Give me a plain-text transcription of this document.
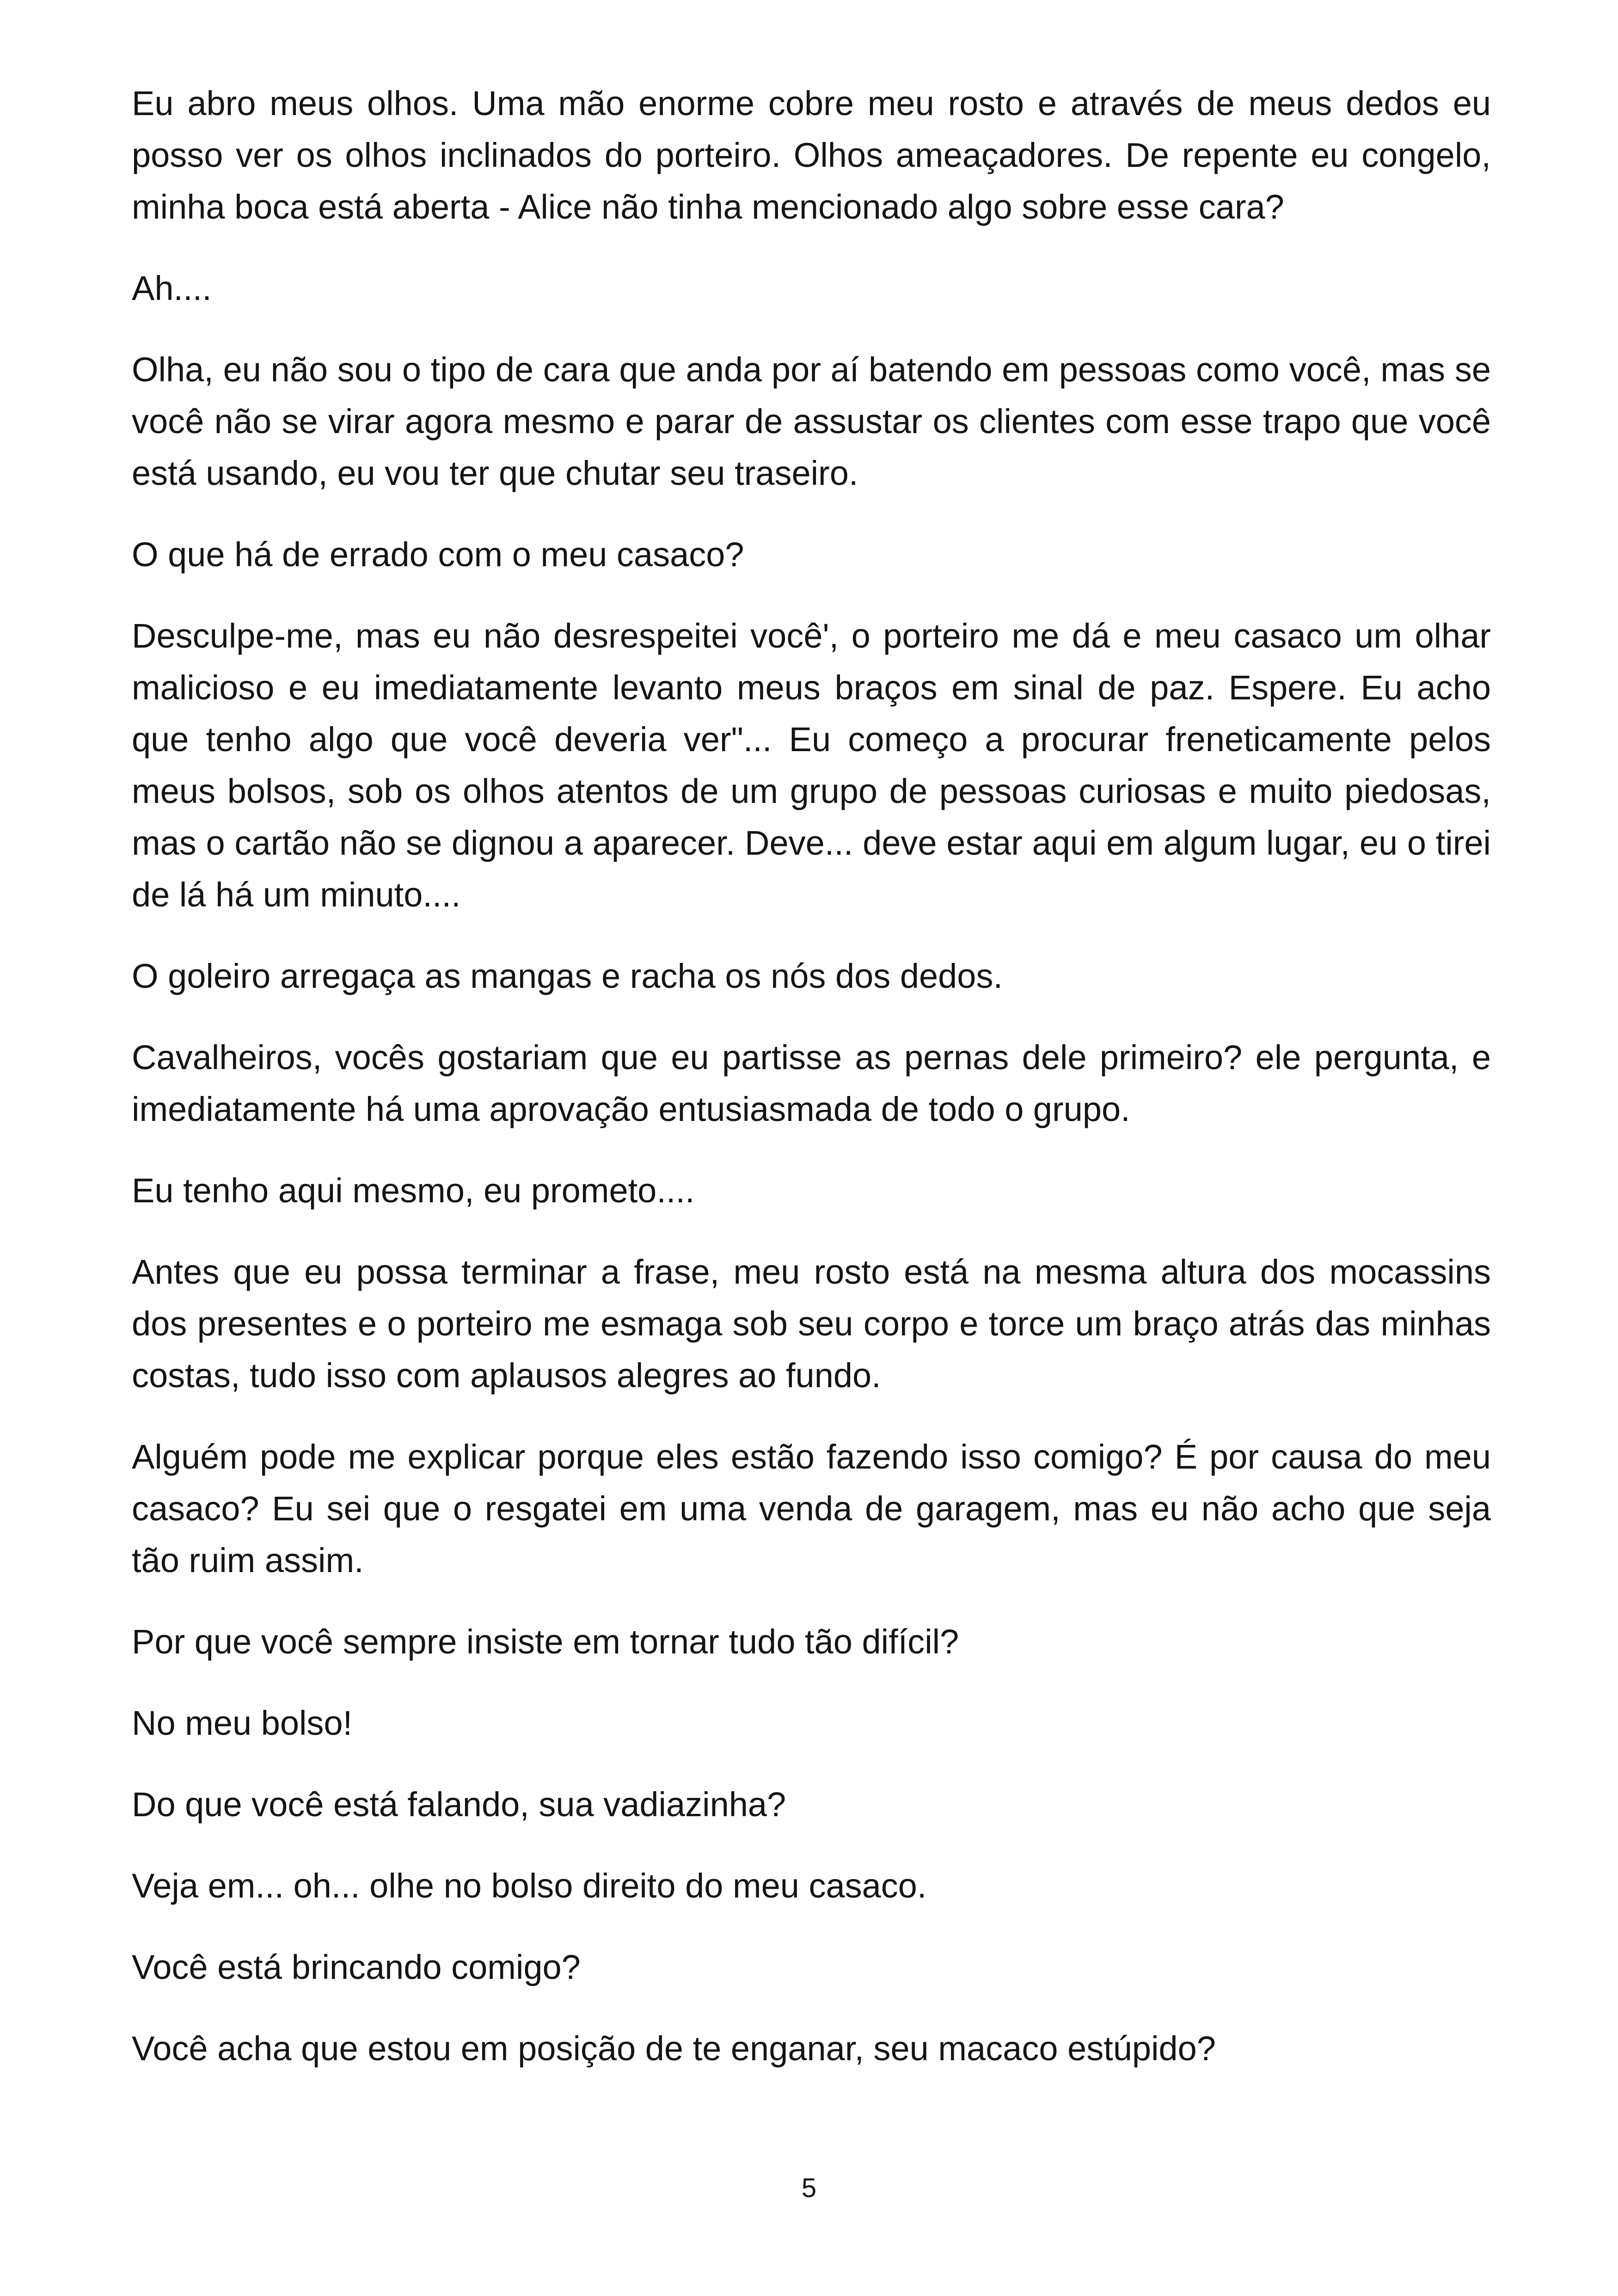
Eu abro meus olhos. Uma mão enorme cobre meu rosto e através de meus dedos eu posso ver os olhos inclinados do porteiro. Olhos ameaçadores. De repente eu congelo, minha boca está aberta - Alice não tinha mencionado algo sobre esse cara?

Ah....

Olha, eu não sou o tipo de cara que anda por aí batendo em pessoas como você, mas se você não se virar agora mesmo e parar de assustar os clientes com esse trapo que você está usando, eu vou ter que chutar seu traseiro.

O que há de errado com o meu casaco?

Desculpe-me, mas eu não desrespeitei você', o porteiro me dá e meu casaco um olhar malicioso e eu imediatamente levanto meus braços em sinal de paz. Espere. Eu acho que tenho algo que você deveria ver"... Eu começo a procurar freneticamente pelos meus bolsos, sob os olhos atentos de um grupo de pessoas curiosas e muito piedosas, mas o cartão não se dignou a aparecer. Deve... deve estar aqui em algum lugar, eu o tirei de lá há um minuto....

O goleiro arregaça as mangas e racha os nós dos dedos.

Cavalheiros, vocês gostariam que eu partisse as pernas dele primeiro? ele pergunta, e imediatamente há uma aprovação entusiasmada de todo o grupo.

Eu tenho aqui mesmo, eu prometo....

Antes que eu possa terminar a frase, meu rosto está na mesma altura dos mocassins dos presentes e o porteiro me esmaga sob seu corpo e torce um braço atrás das minhas costas, tudo isso com aplausos alegres ao fundo.

Alguém pode me explicar porque eles estão fazendo isso comigo? É por causa do meu casaco? Eu sei que o resgatei em uma venda de garagem, mas eu não acho que seja tão ruim assim.

Por que você sempre insiste em tornar tudo tão difícil?

No meu bolso!

Do que você está falando, sua vadiazinha?

Veja em... oh... olhe no bolso direito do meu casaco.

Você está brincando comigo?

Você acha que estou em posição de te enganar, seu macaco estúpido?

5
